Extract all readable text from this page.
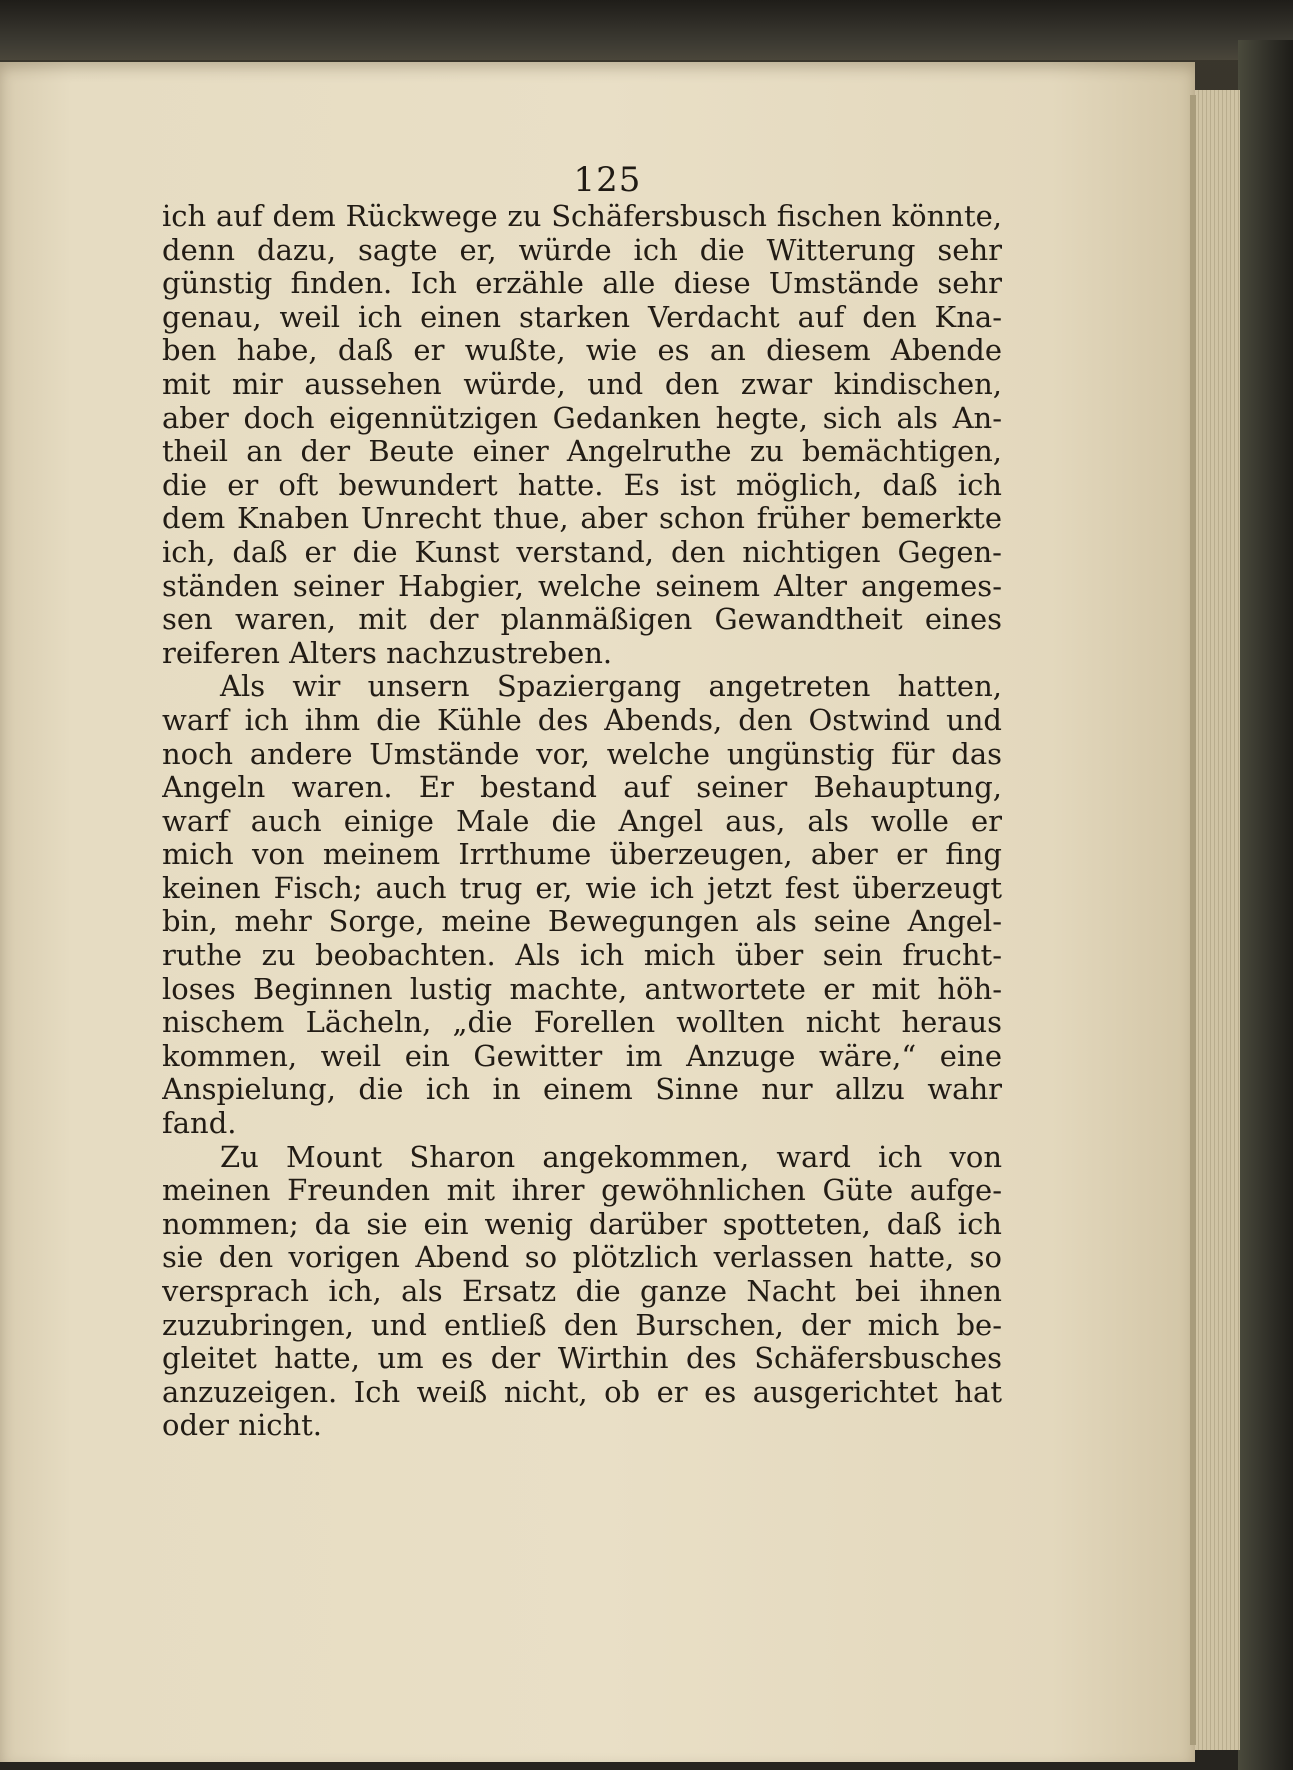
125
ich auf dem Rückwege zu Schäfersbusch fischen könnte,
denn dazu, sagte er, würde ich die Witterung sehr
günstig finden. Ich erzähle alle diese Umstände sehr
genau, weil ich einen starken Verdacht auf den Kna-
ben habe, daß er wußte, wie es an diesem Abende
mit mir aussehen würde, und den zwar kindischen,
aber doch eigennützigen Gedanken hegte, sich als An-
theil an der Beute einer Angelruthe zu bemächtigen,
die er oft bewundert hatte. Es ist möglich, daß ich
dem Knaben Unrecht thue, aber schon früher bemerkte
ich, daß er die Kunst verstand, den nichtigen Gegen-
ständen seiner Habgier, welche seinem Alter angemes-
sen waren, mit der planmäßigen Gewandtheit eines
reiferen Alters nachzustreben.
Als wir unsern Spaziergang angetreten hatten,
warf ich ihm die Kühle des Abends, den Ostwind und
noch andere Umstände vor, welche ungünstig für das
Angeln waren. Er bestand auf seiner Behauptung,
warf auch einige Male die Angel aus, als wolle er
mich von meinem Irrthume überzeugen, aber er fing
keinen Fisch; auch trug er, wie ich jetzt fest überzeugt
bin, mehr Sorge, meine Bewegungen als seine Angel-
ruthe zu beobachten. Als ich mich über sein frucht-
loses Beginnen lustig machte, antwortete er mit höh-
nischem Lächeln, „die Forellen wollten nicht heraus
kommen, weil ein Gewitter im Anzuge wäre,“ eine
Anspielung, die ich in einem Sinne nur allzu wahr
fand.
Zu Mount Sharon angekommen, ward ich von
meinen Freunden mit ihrer gewöhnlichen Güte aufge-
nommen; da sie ein wenig darüber spotteten, daß ich
sie den vorigen Abend so plötzlich verlassen hatte, so
versprach ich, als Ersatz die ganze Nacht bei ihnen
zuzubringen, und entließ den Burschen, der mich be-
gleitet hatte, um es der Wirthin des Schäfersbusches
anzuzeigen. Ich weiß nicht, ob er es ausgerichtet hat
oder nicht.
